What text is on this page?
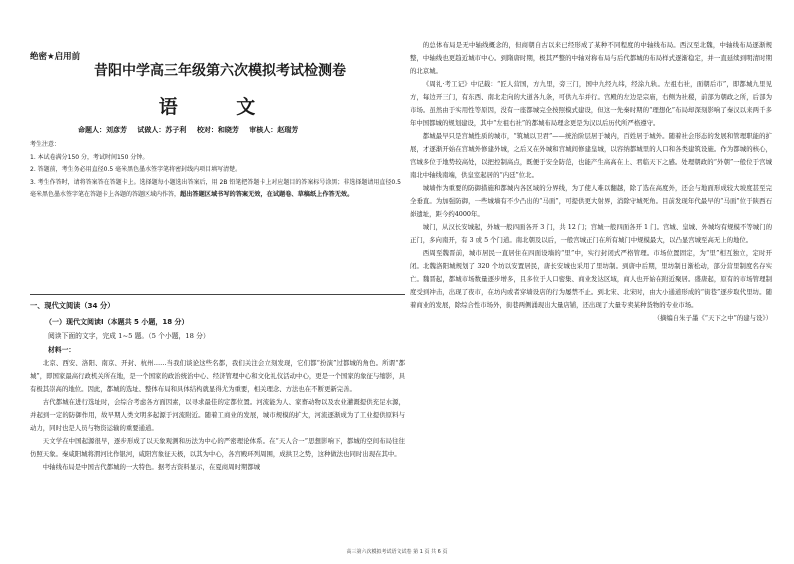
绝密★启用前
昔阳中学高三年级第六次模拟考试检测卷
语 文
命题人：刘彦芳 试做人：苏子利 校对：和晓芳 审核人：赵瑞芳

考生注意：

1. 本试卷满分150 分，考试时间150 分钟。

2. 答题前，考生务必用直径0.5 毫米黑色墨水签字笔将密封线内项目填写清楚。

3. 考生作答时，请将答案答在答题卡上。选择题每小题选出答案后，用 2B 铅笔把答题卡上对应题目的答案标号涂黑；非选择题请用直径0.5 毫米黑色墨水签字笔在答题卡上各题的答题区域内作答，超出答题区域书写的答案无效，在试题卷、草稿纸上作答无效。

一、现代文阅读（34 分）
（一）现代文阅读Ⅰ（本题共 5 小题，18 分）
阅读下面的文字，完成 1~5 题。（5 个小题，18 分）
材料一：

北京、西安、洛阳、南京、开封、杭州……当我们谈论这些名都，我们关注会立刻发现，它们都“扮演”过都城的角色。所谓“都城”，即国家最高行政机关所在地，是一个国家的政治统治中心、经济管理中心和文化礼仪活动中心，更是一个国家的象征与缩影，具有极其崇高的地位。因此，都城的选址、整体布局和具体结构就显得尤为重要，相关理念、方法也在不断更新完善。

古代都城在进行选址时，会综合考虑各方面因素，以寻求最佳的定都位置。河流能为人、家畜动物以及农业灌溉提供充足水源，并起到一定的防御作用，故早期人类文明多起源于河流附近。随着工商业的发展，城市规模的扩大，河流逐渐成为了工业提供原料与动力，同时也是人员与物资运输的重要通道。

天文学在中国起源很早，逐步形成了以天象观测和历法为中心的严密理论体系。在“天人合一”思想影响下，都城的空间布局往往仿照天象。秦咸阳城将渭河比作银河，咸阳宫象征天极，以其为中心，各宫殿环列周围，成拱卫之势，这种做法也同时出现在其中。

中轴线布局是中国古代都城的一大特色。据考古资料显示，在夏商周时期都城

的总体布局是无中轴线概念的，但商朝自古以来已经形成了某种不同程度的中轴线布局。西汉至北魏，中轴线布局逐渐规整，中轴线也更趋近城市中心。到隋唐时期，极其严整的中轴对称布局与后代都城的布局样式逐渐稳定，并一直延续到明清时期的北京城。

《周礼·考工记》中记载：“匠人营国，方九里，旁三门，国中九经九纬，经涂九轨。左祖右社，面朝后市”，即都城九里见方，每边开三门，有东西、南北走向的大道各九条，可供九车并行。宫殿的左边是宗庙，右侧为社稷，前部为朝政之所，后部为市场。虽然由于实用性等原因，没有一座都城完全按照模式建设，但这一先秦时期的“理想化”布局却深刻影响了秦汉以来两千多年中国都城的规划建设，其中“左祖右社”的都城布局理念更是为汉以后历代所严格遵守。

都城最早只是宫城性质的城市，“筑城以卫君”——统治阶层居于城内，百姓居于城外。随着社会形态的发展和管理职能的扩展，才逐渐开始在宫城外修建外城，之后又在外城和宫城间修建皇城，以容纳都城里的人口和各类建筑设施。作为都城的核心，宫城多位于地势较高处，以把控制高点，既便于安全防范，也能产生高高在上、君临天下之感。处理朝政的“外朝”一般位于宫城南北中轴线南端，供皇室起居的“内廷”位北。

城墙作为重要的防御措施和都城内各区域的分界线，为了使人难以翻越，除了选在高度外，还会与地面形成较大坡度甚至完全垂直。为加强防御，一些城墙有不少凸出的“马面”，可提供更大射界，消除守城死角。目前发现年代最早的“马面”位于陕西石峁遗址，距今约4000年。

城门，从汉长安城起，外城一般四面各开 3 门，共 12 门；宫城一般四面各开 1 门。宫城、皇城、外城均有规模不等城门的正门，多向南开，有 3 或 5 个门道。南北朝及以后，一般宫城正门在所有城门中规模最大，以凸显宫城至高无上的地位。

西周至魏晋前，城市居民一直居住在四面设墙的“里”中，实行封闭式严格管理。市场位置固定，为“里”相互独立，定时开闭。北魏洛阳城规划了 320 个坊以安置居民，唐长安城也采用了里坊制。到唐中后期，里坊制日渐松动，部分营里制度名存实亡。魏晋起，都城市场数量逐步增多，且多位于人口密集、商业发达区域，商人也开始在附近聚居。盛唐起，原有的市场管理制度受到冲击，出现了夜市，在坊内或者穿墙设店的行为屡禁不止。到北宋、北宋时，由大小通道形成的“街巷”逐步取代里坊。随着商业的发展，除综合性市场外，街巷两侧涌现出大量店铺，还出现了大量专卖某种货物的专业市场。

（摘编自朱子墨《“天下之中”的建与设》）

高三第六次模拟考试语文试卷 第 1 页 共 6 页
